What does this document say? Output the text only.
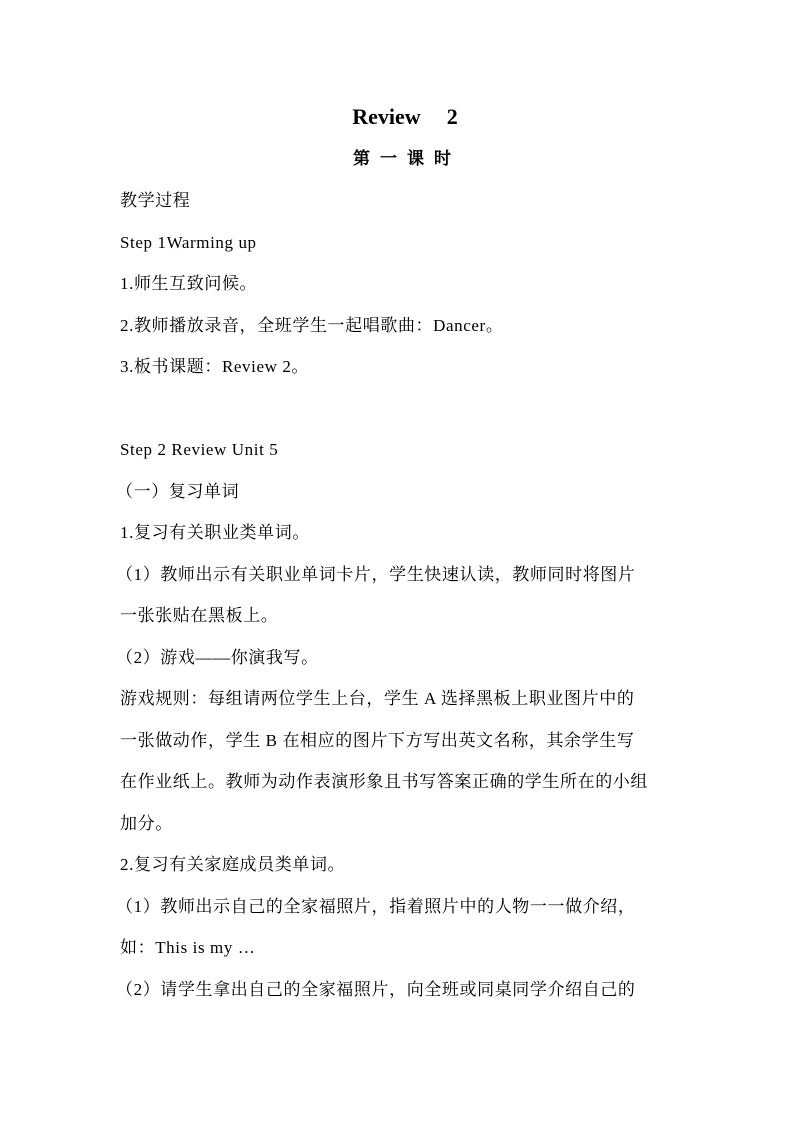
Review 2
第一课时
教学过程
Step 1Warming up
1.师生互致问候。
2.教师播放录音，全班学生一起唱歌曲：Dancer。
3.板书课题：Review 2。
Step 2 Review Unit 5
（一）复习单词
1.复习有关职业类单词。
（1）教师出示有关职业单词卡片，学生快速认读，教师同时将图片
一张张贴在黑板上。
（2）游戏——你演我写。
游戏规则：每组请两位学生上台，学生 A 选择黑板上职业图片中的
一张做动作，学生 B 在相应的图片下方写出英文名称，其余学生写
在作业纸上。教师为动作表演形象且书写答案正确的学生所在的小组
加分。
2.复习有关家庭成员类单词。
（1）教师出示自己的全家福照片，指着照片中的人物一一做介绍，
如：This is my …
（2）请学生拿出自己的全家福照片，向全班或同桌同学介绍自己的
